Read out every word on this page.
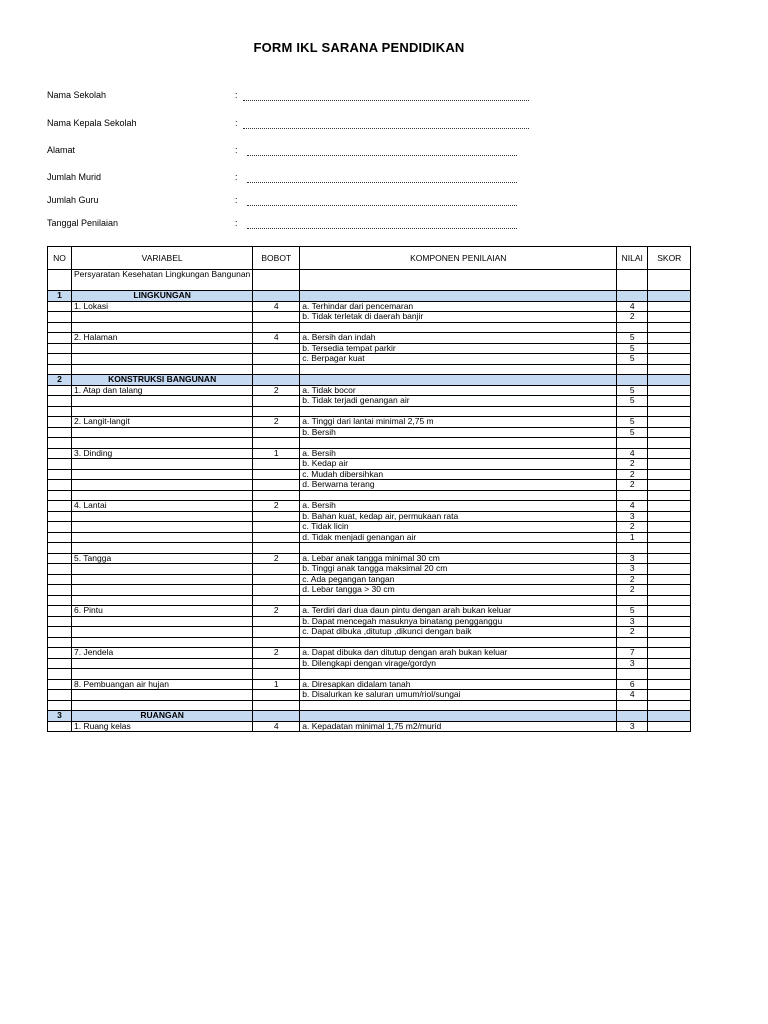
FORM IKL SARANA PENDIDIKAN
Nama Sekolah	:
Nama Kepala Sekolah	:
Alamat	:
Jumlah Murid	:
Jumlah Guru	:
Tanggal Penilaian	:
NO	VARIABEL	BOBOT	KOMPONEN PENILAIAN	NILAI	SKOR
	Persyaratan Kesehatan Lingkungan Bangunan				
1	LINGKUNGAN				
	1. Lokasi	4	a. Terhindar dari pencemaran	4	
			b. Tidak terletak di daerah banjir	2	

	2. Halaman	4	a. Bersih dan indah	5	
			b. Tersedia tempat parkir	5	
			c. Berpagar kuat	5	

2	KONSTRUKSI BANGUNAN				
	1. Atap dan talang	2	a. Tidak bocor	5	
			b. Tidak terjadi genangan air	5	

	2. Langit-langit	2	a. Tinggi dari lantai minimal 2,75 m	5	
			b. Bersih	5	

	3. Dinding	1	a. Bersih	4	
			b. Kedap air	2	
			c. Mudah dibersihkan	2	
			d. Berwarna terang	2	

	4. Lantai	2	a. Bersih	4	
			b. Bahan kuat, kedap air, permukaan rata	3	
			c. Tidak licin	2	
			d. Tidak menjadi genangan air	1	

	5. Tangga	2	a. Lebar anak tangga minimal 30 cm	3	
			b. Tinggi anak tangga maksimal 20 cm	3	
			c. Ada pegangan tangan	2	
			d. Lebar tangga > 30 cm	2	

	6. Pintu	2	a. Terdiri dari dua daun pintu dengan arah bukan keluar	5	
			b. Dapat mencegah masuknya binatang pengganggu	3	
			c. Dapat dibuka ,ditutup ,dikunci dengan baik	2	

	7. Jendela	2	a. Dapat dibuka dan ditutup dengan arah bukan keluar	7	
			b. Dilengkapi dengan virage/gordyn	3	

	8. Pembuangan air hujan	1	a. Diresapkan didalam tanah	6	
			b. Disalurkan ke saluran umum/riol/sungai	4	

3	RUANGAN				
	1. Ruang kelas	4	a. Kepadatan minimal 1,75 m2/murid	3	
